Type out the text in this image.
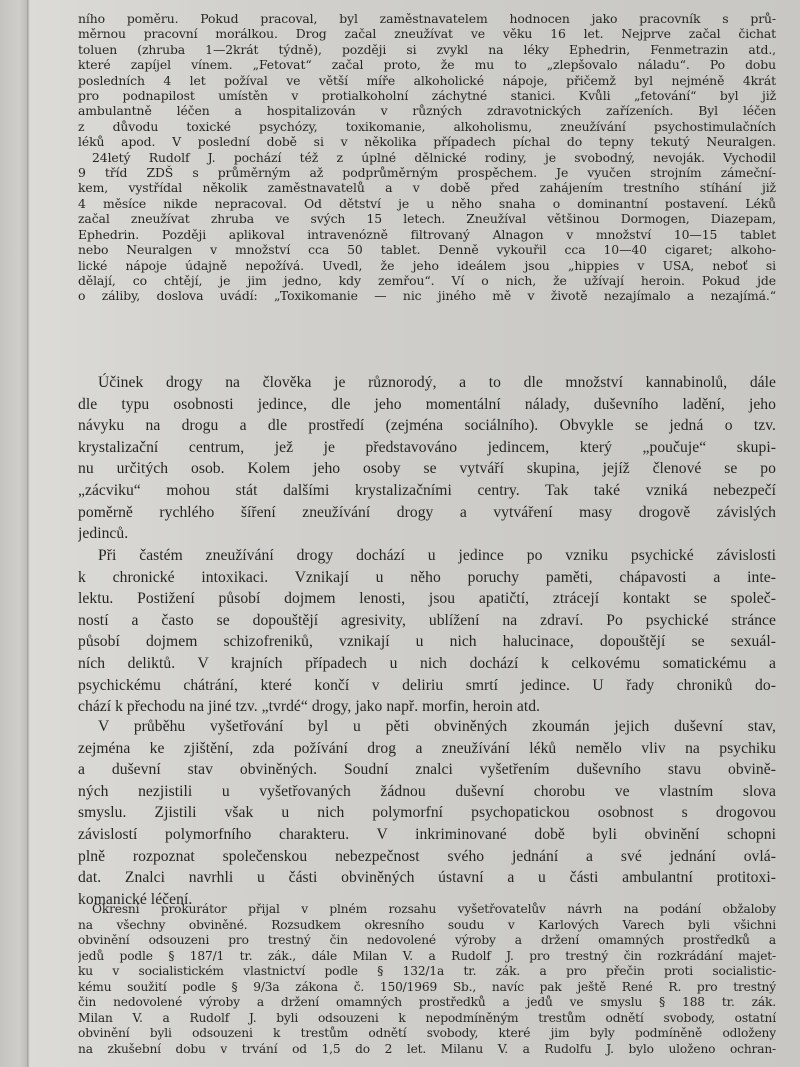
ního poměru. Pokud pracoval, byl zaměstnavatelem hodnocen jako pracovník s prů-
měrnou pracovní morálkou. Drog začal zneužívat ve věku 16 let. Nejprve začal čichat
toluen (zhruba 1—2krát týdně), později si zvykl na léky Ephedrin, Fenmetrazin atd.,
které zapíjel vínem. „Fetovat“ začal proto, že mu to „zlepšovalo náladu“. Po dobu
posledních 4 let požíval ve větší míře alkoholické nápoje, přičemž byl nejméně 4krát
pro podnapilost umístěn v protialkoholní záchytné stanici. Kvůli „fetování“ byl již
ambulantně léčen a hospitalizován v různých zdravotnických zařízeních. Byl léčen
z důvodu toxické psychózy, toxikomanie, alkoholismu, zneužívání psychostimulačních
léků apod. V poslední době si v několika případech píchal do tepny tekutý Neuralgen.
24letý Rudolf J. pochází též z úplné dělnické rodiny, je svobodný, nevoják. Vychodil
9 tříd ZDŠ s průměrným až podprůměrným prospěchem. Je vyučen strojním zámeční-
kem, vystřídal několik zaměstnavatelů a v době před zahájením trestního stíhání již
4 měsíce nikde nepracoval. Od dětství je u něho snaha o dominantní postavení. Léků
začal zneužívat zhruba ve svých 15 letech. Zneužíval většinou Dormogen, Diazepam,
Ephedrin. Později aplikoval intravenózně filtrovaný Alnagon v množství 10—15 tablet
nebo Neuralgen v množství cca 50 tablet. Denně vykouřil cca 10—40 cigaret; alkoho-
lické nápoje údajně nepožívá. Uvedl, že jeho ideálem jsou „hippies v USA, neboť si
dělají, co chtějí, je jim jedno, kdy zemřou“. Ví o nich, že užívají heroin. Pokud jde
o záliby, doslova uvádí: „Toxikomanie — nic jiného mě v životě nezajímalo a nezajímá.“
Účinek drogy na člověka je různorodý, a to dle množství kannabinolů, dále
dle typu osobnosti jedince, dle jeho momentální nálady, duševního ladění, jeho
návyku na drogu a dle prostředí (zejména sociálního). Obvykle se jedná o tzv.
krystalizační centrum, jež je představováno jedincem, který „poučuje“ skupi-
nu určitých osob. Kolem jeho osoby se vytváří skupina, jejíž členové se po
„zácviku“ mohou stát dalšími krystalizačními centry. Tak také vzniká nebezpečí
poměrně rychlého šíření zneužívání drogy a vytváření masy drogově závislých
jedinců.
Při častém zneužívání drogy dochází u jedince po vzniku psychické závislosti
k chronické intoxikaci. Vznikají u něho poruchy paměti, chápavosti a inte-
lektu. Postižení působí dojmem lenosti, jsou apatičtí, ztrácejí kontakt se společ-
ností a často se dopouštějí agresivity, ublížení na zdraví. Po psychické stránce
působí dojmem schizofreniků, vznikají u nich halucinace, dopouštějí se sexuál-
ních deliktů. V krajních případech u nich dochází k celkovému somatickému a
psychickému chátrání, které končí v deliriu smrtí jedince. U řady chroniků do-
chází k přechodu na jiné tzv. „tvrdé“ drogy, jako např. morfin, heroin atd.
V průběhu vyšetřování byl u pěti obviněných zkoumán jejich duševní stav,
zejména ke zjištění, zda požívání drog a zneužívání léků nemělo vliv na psychiku
a duševní stav obviněných. Soudní znalci vyšetřením duševního stavu obvině-
ných nezjistili u vyšetřovaných žádnou duševní chorobu ve vlastním slova
smyslu. Zjistili však u nich polymorfní psychopatickou osobnost s drogovou
závislostí polymorfního charakteru. V inkriminované době byli obvinění schopni
plně rozpoznat společenskou nebezpečnost svého jednání a své jednání ovlá-
dat. Znalci navrhli u části obviněných ústavní a u části ambulantní protitoxi-
komanické léčení.
Okresní prokurátor přijal v plném rozsahu vyšetřovatelův návrh na podání obžaloby
na všechny obviněné. Rozsudkem okresního soudu v Karlových Varech byli všichni
obvinění odsouzeni pro trestný čin nedovolené výroby a držení omamných prostředků a
jedů podle § 187/1 tr. zák., dále Milan V. a Rudolf J. pro trestný čin rozkrádání majet-
ku v socialistickém vlastnictví podle § 132/1a tr. zák. a pro přečin proti socialistic-
kému soužití podle § 9/3a zákona č. 150/1969 Sb., navíc pak ještě René R. pro trestný
čin nedovolené výroby a držení omamných prostředků a jedů ve smyslu § 188 tr. zák.
Milan V. a Rudolf J. byli odsouzeni k nepodmíněným trestům odnětí svobody, ostatní
obvinění byli odsouzeni k trestům odnětí svobody, které jim byly podmíněně odloženy
na zkušební dobu v trvání od 1,5 do 2 let. Milanu V. a Rudolfu J. bylo uloženo ochran-
